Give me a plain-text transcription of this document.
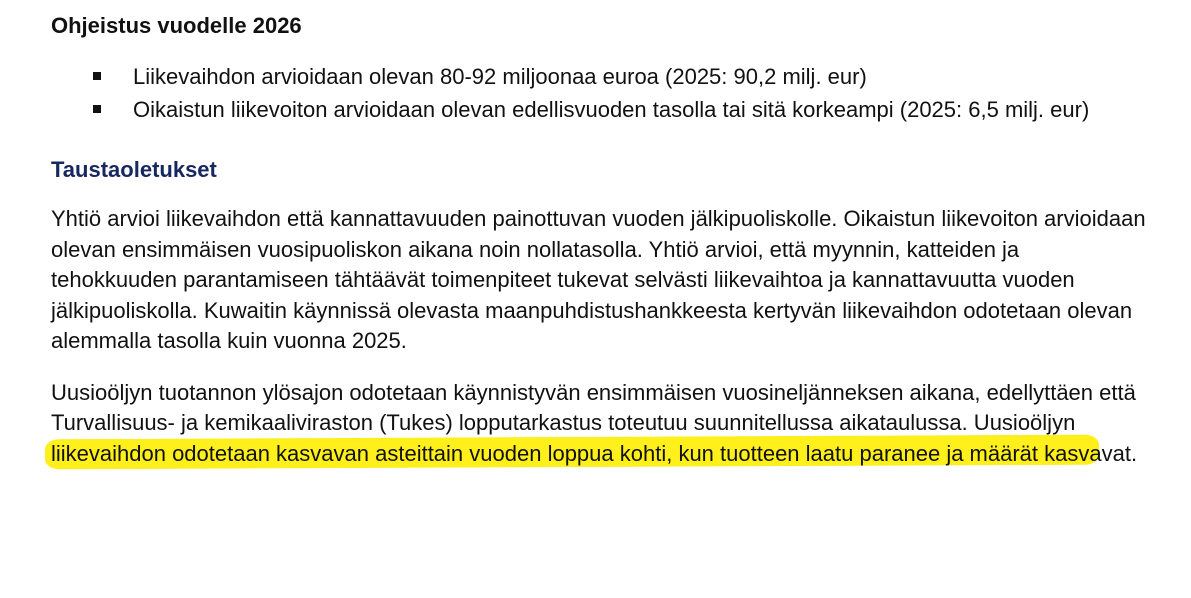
Ohjeistus vuodelle 2026

Liikevaihdon arvioidaan olevan 80-92 miljoonaa euroa (2025: 90,2 milj. eur)
Oikaistun liikevoiton arvioidaan olevan edellisvuoden tasolla tai sitä korkeampi (2025: 6,5 milj. eur)

Taustaoletukset

Yhtiö arvioi liikevaihdon että kannattavuuden painottuvan vuoden jälkipuoliskolle. Oikaistun liikevoiton arvioidaan olevan ensimmäisen vuosipuoliskon aikana noin nollatasolla. Yhtiö arvioi, että myynnin, katteiden ja tehokkuuden parantamiseen tähtäävät toimenpiteet tukevat selvästi liikevaihtoa ja kannattavuutta vuoden jälkipuoliskolla. Kuwaitin käynnissä olevasta maanpuhdistushankkeesta kertyvän liikevaihdon odotetaan olevan alemmalla tasolla kuin vuonna 2025.

Uusioöljyn tuotannon ylösajon odotetaan käynnistyvän ensimmäisen vuosineljänneksen aikana, edellyttäen että Turvallisuus- ja kemikaaliviraston (Tukes) lopputarkastus toteutuu suunnitellussa aikataulussa. Uusioöljyn liikevaihdon odotetaan kasvavan asteittain vuoden loppua kohti, kun tuotteen laatu paranee ja määrät kasvavat.
